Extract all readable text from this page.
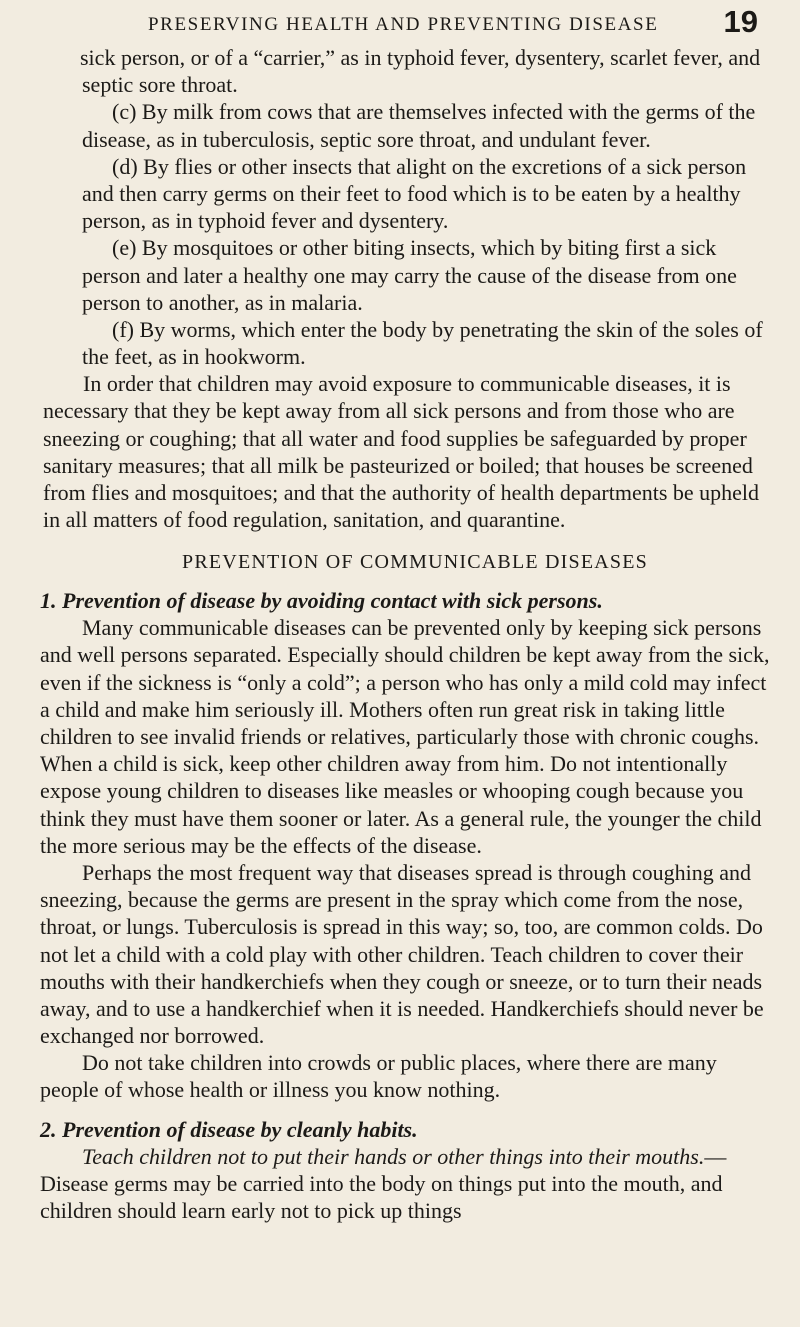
PRESERVING HEALTH AND PREVENTING DISEASE 19

sick person, or of a “carrier,” as in typhoid fever, dysentery, scarlet fever, and septic sore throat.

(c) By milk from cows that are themselves infected with the germs of the disease, as in tuberculosis, septic sore throat, and undulant fever.

(d) By flies or other insects that alight on the excretions of a sick person and then carry germs on their feet to food which is to be eaten by a healthy person, as in typhoid fever and dysentery.

(e) By mosquitoes or other biting insects, which by biting first a sick person and later a healthy one may carry the cause of the disease from one person to another, as in malaria.

(f) By worms, which enter the body by penetrating the skin of the soles of the feet, as in hookworm.

In order that children may avoid exposure to communicable diseases, it is necessary that they be kept away from all sick persons and from those who are sneezing or coughing; that all water and food supplies be safeguarded by proper sanitary measures; that all milk be pasteurized or boiled; that houses be screened from flies and mosquitoes; and that the authority of health departments be upheld in all matters of food regulation, sanitation, and quarantine.

PREVENTION OF COMMUNICABLE DISEASES

1. Prevention of disease by avoiding contact with sick persons.

Many communicable diseases can be prevented only by keeping sick persons and well persons separated. Especially should children be kept away from the sick, even if the sickness is “only a cold”; a person who has only a mild cold may infect a child and make him seriously ill. Mothers often run great risk in taking little children to see invalid friends or relatives, particularly those with chronic coughs. When a child is sick, keep other children away from him. Do not intentionally expose young children to diseases like measles or whooping cough because you think they must have them sooner or later. As a general rule, the younger the child the more serious may be the effects of the disease.

Perhaps the most frequent way that diseases spread is through coughing and sneezing, because the germs are present in the spray which come from the nose, throat, or lungs. Tuberculosis is spread in this way; so, too, are common colds. Do not let a child with a cold play with other children. Teach children to cover their mouths with their handkerchiefs when they cough or sneeze, or to turn their neads away, and to use a handkerchief when it is needed. Handkerchiefs should never be exchanged nor borrowed.

Do not take children into crowds or public places, where there are many people of whose health or illness you know nothing.

2. Prevention of disease by cleanly habits.

Teach children not to put their hands or other things into their mouths.—Disease germs may be carried into the body on things put into the mouth, and children should learn early not to pick up things
